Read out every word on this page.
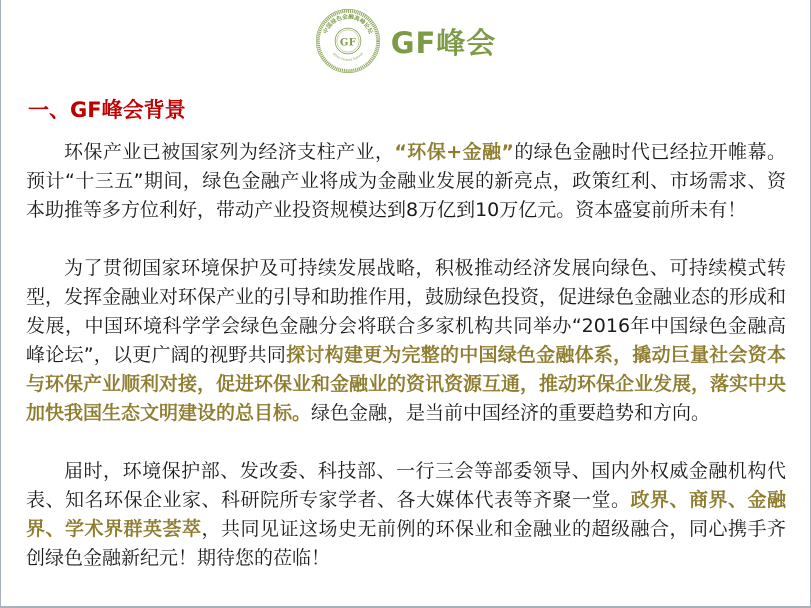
GF
中国绿色金融高峰论坛
Green Finance Summit GF峰会
一、GF峰会背景

环保产业已被国家列为经济支柱产业，“环保+金融”的绿色金融时代已经拉开帷幕。预计“十三五”期间，绿色金融产业将成为金融业发展的新亮点，政策红利、市场需求、资本助推等多方位利好，带动产业投资规模达到8万亿到10万亿元。资本盛宴前所未有！

为了贯彻国家环境保护及可持续发展战略，积极推动经济发展向绿色、可持续模式转型，发挥金融业对环保产业的引导和助推作用，鼓励绿色投资，促进绿色金融业态的形成和发展，中国环境科学学会绿色金融分会将联合多家机构共同举办“2016年中国绿色金融高峰论坛”，以更广阔的视野共同探讨构建更为完整的中国绿色金融体系，撬动巨量社会资本与环保产业顺利对接，促进环保业和金融业的资讯资源互通，推动环保企业发展，落实中央加快我国生态文明建设的总目标。绿色金融，是当前中国经济的重要趋势和方向。

届时，环境保护部、发改委、科技部、一行三会等部委领导、国内外权威金融机构代表、知名环保企业家、科研院所专家学者、各大媒体代表等齐聚一堂。政界、商界、金融界、学术界群英荟萃，共同见证这场史无前例的环保业和金融业的超级融合，同心携手齐创绿色金融新纪元！期待您的莅临！
